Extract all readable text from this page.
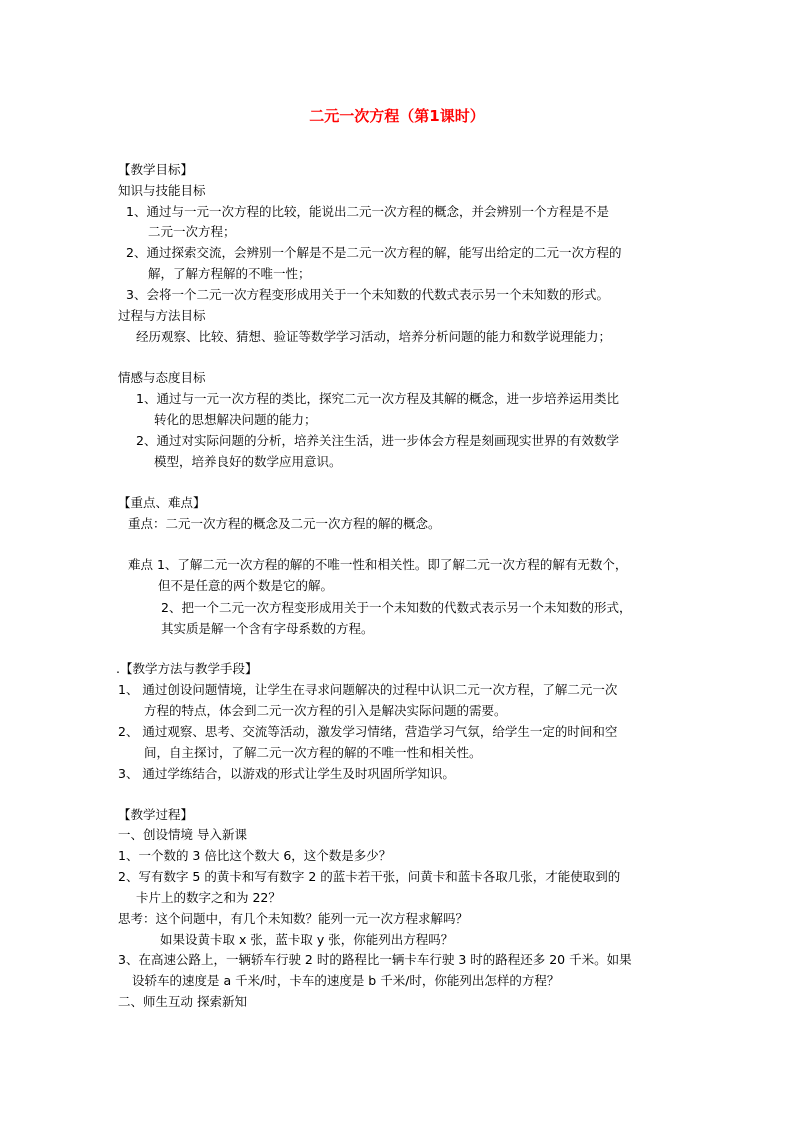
二元一次方程（第1课时）
【教学目标】
知识与技能目标
1、通过与一元一次方程的比较，能说出二元一次方程的概念，并会辨别一个方程是不是
二元一次方程；
2、通过探索交流，会辨别一个解是不是二元一次方程的解，能写出给定的二元一次方程的
解，了解方程解的不唯一性；
3、会将一个二元一次方程变形成用关于一个未知数的代数式表示另一个未知数的形式。
过程与方法目标
经历观察、比较、猜想、验证等数学学习活动，培养分析问题的能力和数学说理能力；
情感与态度目标
1、通过与一元一次方程的类比，探究二元一次方程及其解的概念，进一步培养运用类比
转化的思想解决问题的能力；
2、通过对实际问题的分析，培养关注生活，进一步体会方程是刻画现实世界的有效数学
模型，培养良好的数学应用意识。
【重点、难点】
重点：二元一次方程的概念及二元一次方程的解的概念。
难点 1、了解二元一次方程的解的不唯一性和相关性。即了解二元一次方程的解有无数个，
但不是任意的两个数是它的解。
2、把一个二元一次方程变形成用关于一个未知数的代数式表示另一个未知数的形式，
其实质是解一个含有字母系数的方程。
.【教学方法与教学手段】
1、 通过创设问题情境，让学生在寻求问题解决的过程中认识二元一次方程，了解二元一次
方程的特点，体会到二元一次方程的引入是解决实际问题的需要。
2、 通过观察、思考、交流等活动，激发学习情绪，营造学习气氛，给学生一定的时间和空
间，自主探讨，了解二元一次方程的解的不唯一性和相关性。
3、 通过学练结合，以游戏的形式让学生及时巩固所学知识。
【教学过程】
一、创设情境 导入新课
1、一个数的 3 倍比这个数大 6，这个数是多少？
2、写有数字 5 的黄卡和写有数字 2 的蓝卡若干张，问黄卡和蓝卡各取几张，才能使取到的
卡片上的数字之和为 22？
思考：这个问题中，有几个未知数？能列一元一次方程求解吗？
如果设黄卡取 x 张，蓝卡取 y 张，你能列出方程吗？
3、在高速公路上，一辆轿车行驶 2 时的路程比一辆卡车行驶 3 时的路程还多 20 千米。如果
设轿车的速度是 a 千米/时，卡车的速度是 b 千米/时，你能列出怎样的方程？
二、师生互动 探索新知
